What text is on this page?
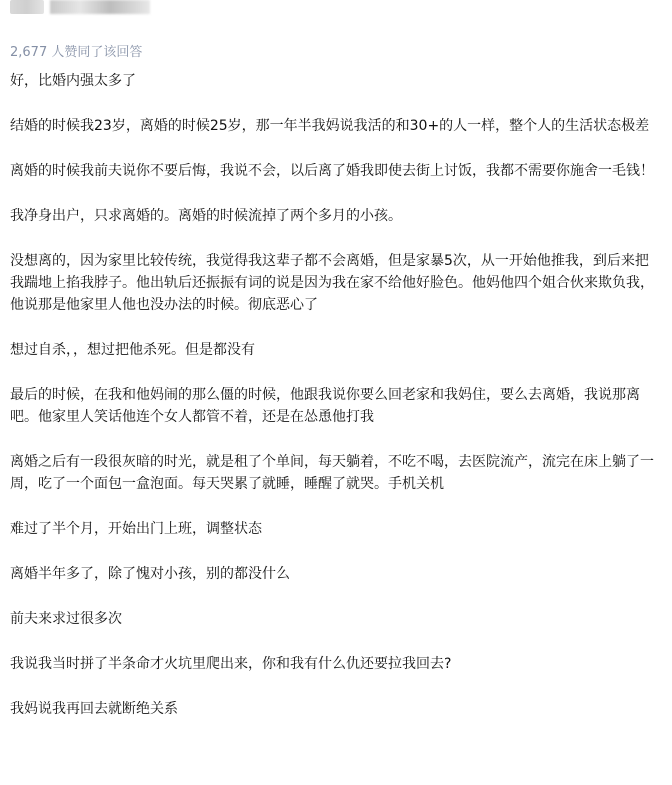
2,677 人赞同了该回答

好，比婚内强太多了

结婚的时候我23岁，离婚的时候25岁，那一年半我妈说我活的和30+的人一样，整个人的生活状态极差

离婚的时候我前夫说你不要后悔，我说不会，以后离了婚我即使去街上讨饭，我都不需要你施舍一毛钱！

我净身出户，只求离婚的。离婚的时候流掉了两个多月的小孩。

没想离的，因为家里比较传统，我觉得我这辈子都不会离婚，但是家暴5次，从一开始他推我，到后来把我踹地上掐我脖子。他出轨后还振振有词的说是因为我在家不给他好脸色。他妈他四个姐合伙来欺负我，他说那是他家里人他也没办法的时候。彻底恶心了

想过自杀，，想过把他杀死。但是都没有

最后的时候，在我和他妈闹的那么僵的时候，他跟我说你要么回老家和我妈住，要么去离婚，我说那离吧。他家里人笑话他连个女人都管不着，还是在怂恿他打我

离婚之后有一段很灰暗的时光，就是租了个单间，每天躺着，不吃不喝，去医院流产，流完在床上躺了一周，吃了一个面包一盒泡面。每天哭累了就睡，睡醒了就哭。手机关机

难过了半个月，开始出门上班，调整状态

离婚半年多了，除了愧对小孩，别的都没什么

前夫来求过很多次

我说我当时拼了半条命才火坑里爬出来，你和我有什么仇还要拉我回去?

我妈说我再回去就断绝关系
